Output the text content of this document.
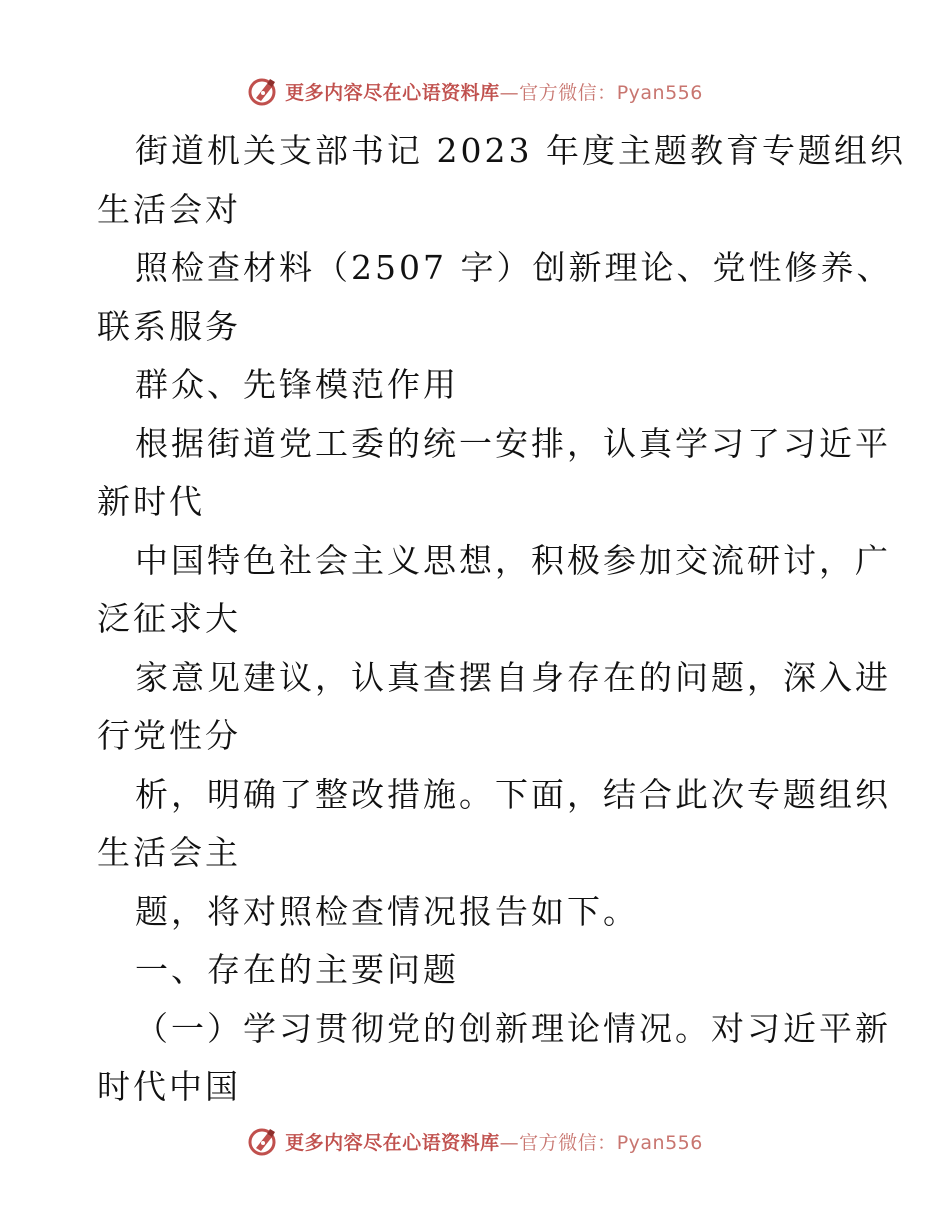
更多内容尽在心语资料库—官方微信：Pyan556
街道机关支部书记 2023 年度主题教育专题组织
生活会对
照检查材料（2507 字）创新理论、党性修养、
联系服务
群众、先锋模范作用
根据街道党工委的统一安排，认真学习了习近平
新时代
中国特色社会主义思想，积极参加交流研讨，广
泛征求大
家意见建议，认真查摆自身存在的问题，深入进
行党性分
析，明确了整改措施。下面，结合此次专题组织
生活会主
题，将对照检查情况报告如下。
一、存在的主要问题
（一）学习贯彻党的创新理论情况。对习近平新
时代中国
更多内容尽在心语资料库—官方微信：Pyan556
